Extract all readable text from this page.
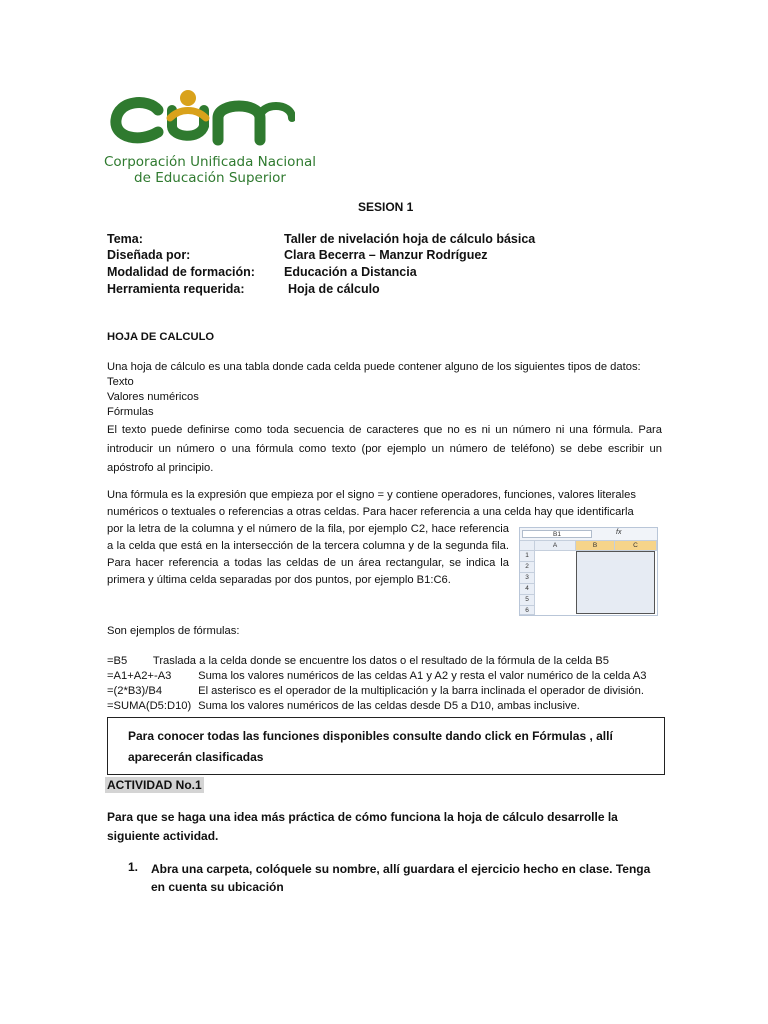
Corporación Unificada Nacional
de Educación Superior
SESION 1
Tema:	Taller de nivelación hoja de cálculo básica
Diseñada por:	Clara Becerra – Manzur Rodríguez
Modalidad de formación: Educación a Distancia
Herramienta requerida:	Hoja de cálculo
HOJA DE CALCULO
Una hoja de cálculo es una tabla donde cada celda puede contener alguno de los siguientes tipos de datos:
Texto
Valores numéricos
Fórmulas
El texto puede definirse como toda secuencia de caracteres que no es ni un número ni una fórmula. Para introducir un número o una fórmula como texto (por ejemplo un número de teléfono) se debe escribir un apóstrofo al principio.
Una fórmula es la expresión que empieza por el signo = y contiene operadores, funciones, valores literales
numéricos o textuales o referencias a otras celdas. Para hacer referencia a una celda hay que identificarla
por la letra de la columna y el número de la fila, por ejemplo C2, hace referencia a la celda que está en la intersección de la tercera columna y de la segunda fila. Para hacer referencia a todas las celdas de un área rectangular, se indica la primera y última celda separadas por dos puntos, por ejemplo B1:C6.
B1	fx
A	B	C
1
2
3
4
5
6
Son ejemplos de fórmulas:
=B5 Traslada a la celda donde se encuentre los datos o el resultado de la fórmula de la celda B5
=A1+A2+-A3 Suma los valores numéricos de las celdas A1 y A2 y resta el valor numérico de la celda A3
=(2*B3)/B4	El asterisco es el operador de la multiplicación y la barra inclinada el operador de división.
=SUMA(D5:D10) Suma los valores numéricos de las celdas desde D5 a D10, ambas inclusive.
Para conocer todas las funciones disponibles consulte dando click en Fórmulas , allí aparecerán clasificadas
ACTIVIDAD No.1
Para que se haga una idea más práctica de cómo funciona la hoja de cálculo desarrolle la siguiente actividad.
1. Abra una carpeta, colóquele su nombre, allí guardara el ejercicio hecho en clase. Tenga en cuenta su ubicación
